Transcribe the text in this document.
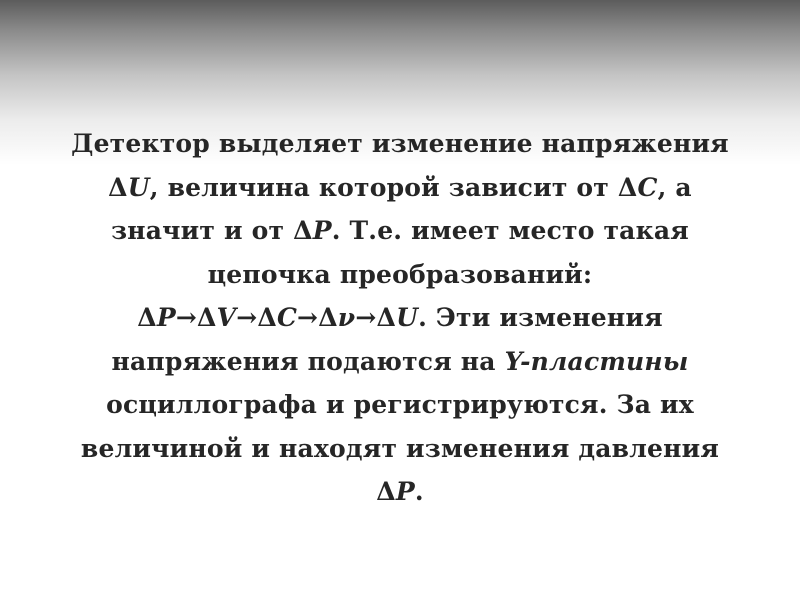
Детектор выделяет изменение напряжения
ΔU, величина которой зависит от ΔC, а
значит и от ΔP. Т.е. имеет место такая
цепочка преобразований:
ΔP→ΔV→ΔC→Δν→ΔU. Эти изменения
напряжения подаются на Y-пластины
осциллографа и регистрируются. За их
величиной и находят изменения давления
ΔP.
